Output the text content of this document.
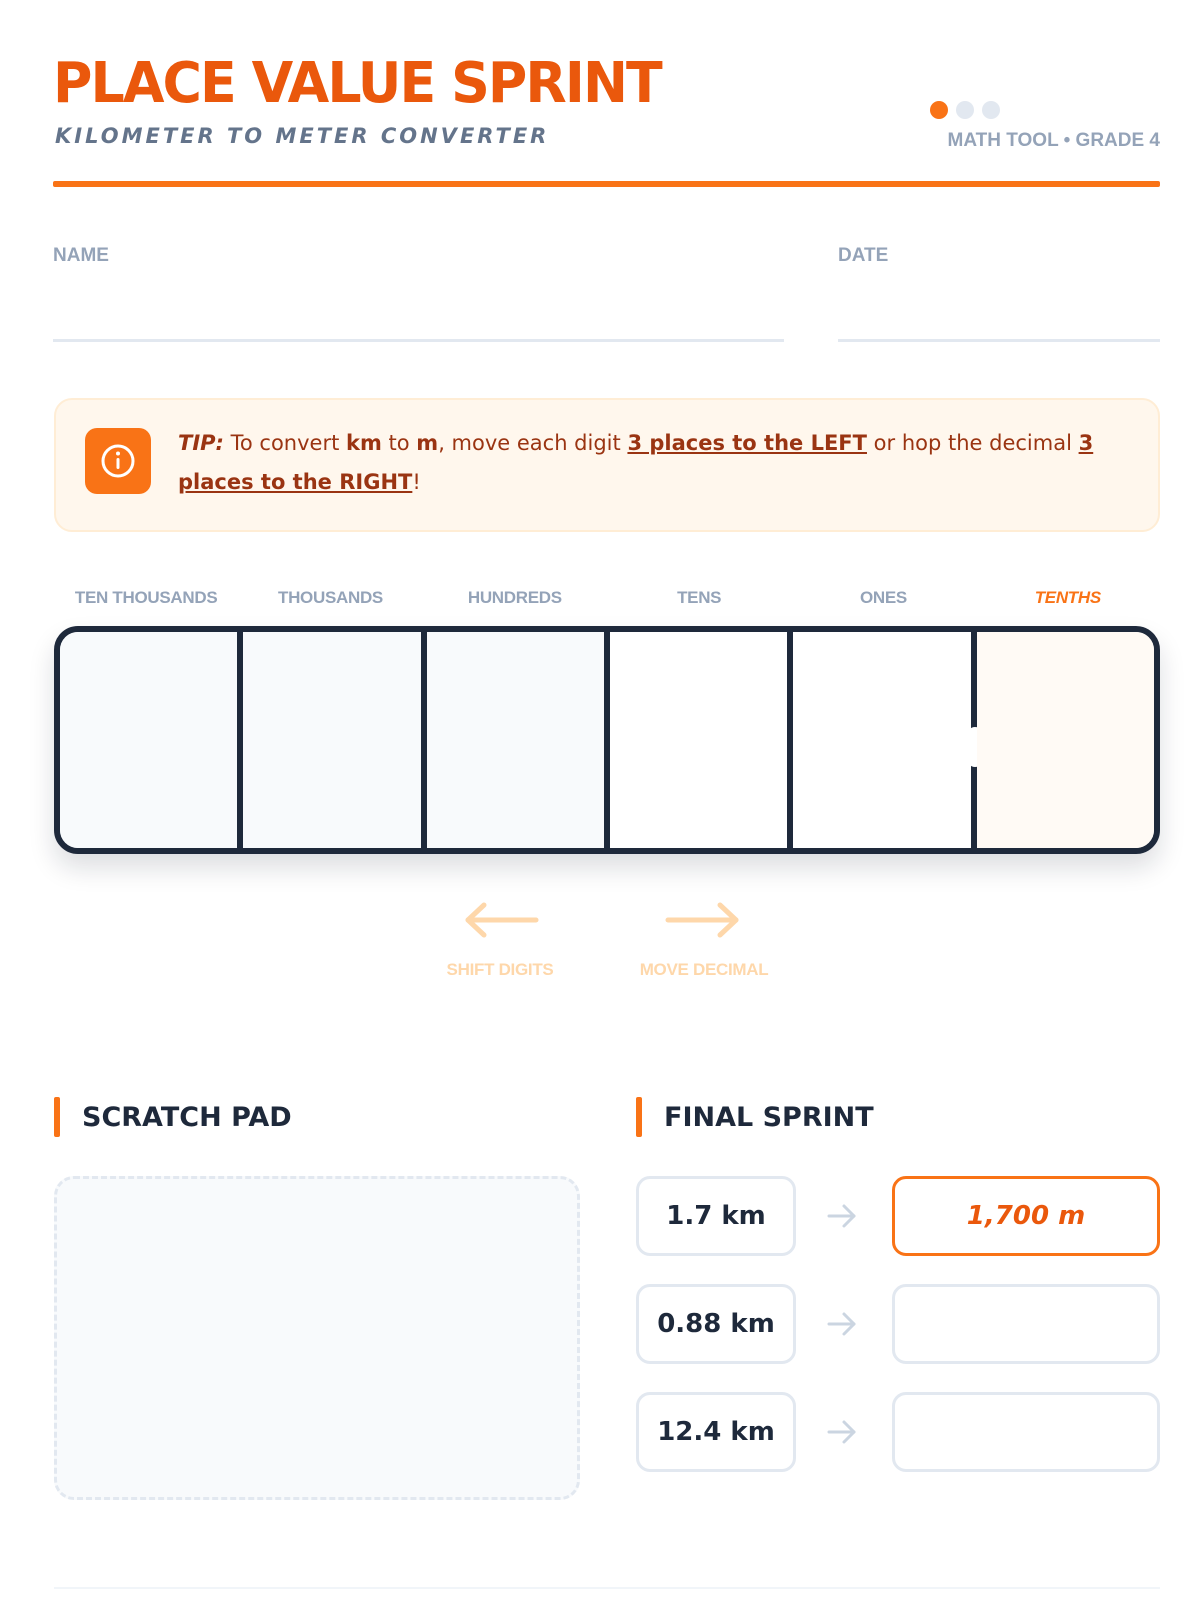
PLACE VALUE SPRINT
KILOMETER TO METER CONVERTER	MATH TOOL • GRADE 4
NAME	DATE
TIP: To convert km to m, move each digit 3 places to the LEFT or hop the decimal 3 places to the RIGHT!
TEN THOUSANDS	THOUSANDS	HUNDREDS	TENS	ONES	TENTHS
SHIFT DIGITS	MOVE DECIMAL
SCRATCH PAD	FINAL SPRINT
1.7 km	1,700 m
0.88 km
12.4 km
